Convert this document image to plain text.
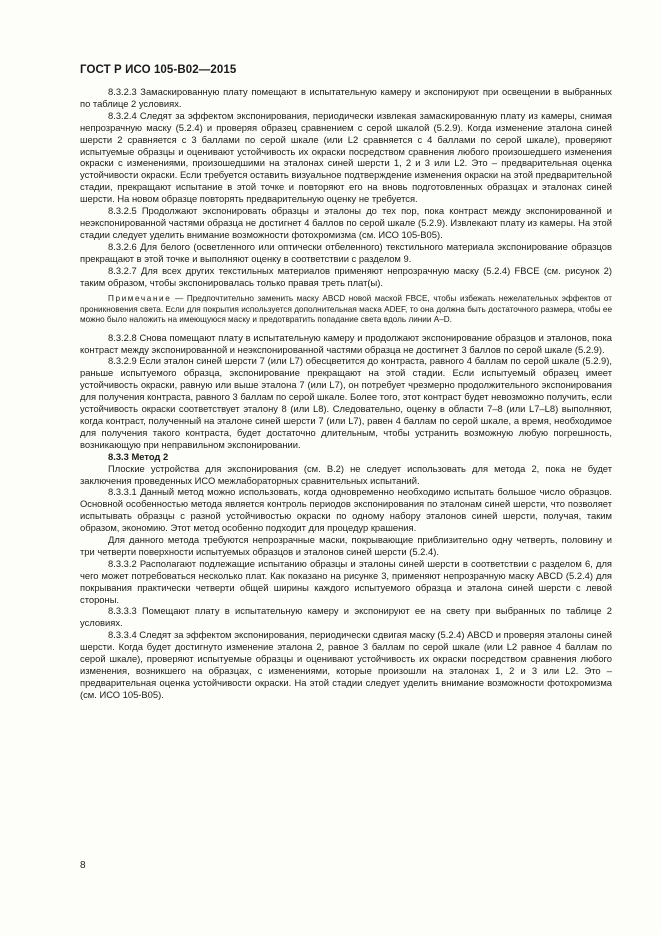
ГОСТ Р ИСО 105-В02—2015

8.3.2.3 Замаскированную плату помещают в испытательную камеру и экспонируют при освещении в выбранных по таблице 2 условиях.

8.3.2.4 Следят за эффектом экспонирования, периодически извлекая замаскированную плату из камеры, снимая непрозрачную маску (5.2.4) и проверяя образец сравнением с серой шкалой (5.2.9). Когда изменение эталона синей шерсти 2 сравняется с 3 баллами по серой шкале (или L2 сравняется с 4 баллами по серой шкале), проверяют испытуемые образцы и оценивают устойчивость их окраски посредством сравнения любого произошедшего изменения окраски с изменениями, произошедшими на эталонах синей шерсти 1, 2 и 3 или L2. Это – предварительная оценка устойчивости окраски. Если требуется оставить визуальное подтверждение изменения окраски на этой предварительной стадии, прекращают испытание в этой точке и повторяют его на вновь подготовленных образцах и эталонах синей шерсти. На новом образце повторять предварительную оценку не требуется.

8.3.2.5 Продолжают экспонировать образцы и эталоны до тех пор, пока контраст между экспонированной и неэкспонированной частями образца не достигнет 4 баллов по серой шкале (5.2.9). Извлекают плату из камеры. На этой стадии следует уделить внимание возможности фотохромизма (см. ИСО 105-В05).

8.3.2.6 Для белого (осветленного или оптически отбеленного) текстильного материала экспонирование образцов прекращают в этой точке и выполняют оценку в соответствии с разделом 9.

8.3.2.7 Для всех других текстильных материалов применяют непрозрачную маску (5.2.4) FBCE (см. рисунок 2) таким образом, чтобы экспонировалась только правая треть плат(ы).

Примечание — Предпочтительно заменить маску ABCD новой маской FBCE, чтобы избежать нежелательных эффектов от проникновения света. Если для покрытия используется дополнительная маска ADEF, то она должна быть достаточного размера, чтобы ее можно было наложить на имеющуюся маску и предотвратить попадание света вдоль линии A–D.

8.3.2.8 Снова помещают плату в испытательную камеру и продолжают экспонирование образцов и эталонов, пока контраст между экспонированной и неэкспонированной частями образца не достигнет 3 баллов по серой шкале (5.2.9).

8.3.2.9 Если эталон синей шерсти 7 (или L7) обесцветится до контраста, равного 4 баллам по серой шкале (5.2.9), раньше испытуемого образца, экспонирование прекращают на этой стадии. Если испытуемый образец имеет устойчивость окраски, равную или выше эталона 7 (или L7), он потребует чрезмерно продолжительного экспонирования для получения контраста, равного 3 баллам по серой шкале. Более того, этот контраст будет невозможно получить, если устойчивость окраски соответствует эталону 8 (или L8). Следовательно, оценку в области 7–8 (или L7–L8) выполняют, когда контраст, полученный на эталоне синей шерсти 7 (или L7), равен 4 баллам по серой шкале, а время, необходимое для получения такого контраста, будет достаточно длительным, чтобы устранить возможную любую погрешность, возникающую при неправильном экспонировании.

8.3.3 Метод 2

Плоские устройства для экспонирования (см. В.2) не следует использовать для метода 2, пока не будет заключения проведенных ИСО межлабораторных сравнительных испытаний.

8.3.3.1 Данный метод можно использовать, когда одновременно необходимо испытать большое число образцов. Основной особенностью метода является контроль периодов экспонирования по эталонам синей шерсти, что позволяет испытывать образцы с разной устойчивостью окраски по одному набору эталонов синей шерсти, получая, таким образом, экономию. Этот метод особенно подходит для процедур крашения.

Для данного метода требуются непрозрачные маски, покрывающие приблизительно одну четверть, половину и три четверти поверхности испытуемых образцов и эталонов синей шерсти (5.2.4).

8.3.3.2 Располагают подлежащие испытанию образцы и эталоны синей шерсти в соответствии с разделом 6, для чего может потребоваться несколько плат. Как показано на рисунке 3, применяют непрозрачную маску ABCD (5.2.4) для покрывания практически четверти общей ширины каждого испытуемого образца и эталона синей шерсти с левой стороны.

8.3.3.3 Помещают плату в испытательную камеру и экспонируют ее на свету при выбранных по таблице 2 условиях.

8.3.3.4 Следят за эффектом экспонирования, периодически сдвигая маску (5.2.4) ABCD и проверяя эталоны синей шерсти. Когда будет достигнуто изменение эталона 2, равное 3 баллам по серой шкале (или L2 равное 4 баллам по серой шкале), проверяют испытуемые образцы и оценивают устойчивость их окраски посредством сравнения любого изменения, возникшего на образцах, с изменениями, которые произошли на эталонах 1, 2 и 3 или L2. Это – предварительная оценка устойчивости окраски. На этой стадии следует уделить внимание возможности фотохромизма (см. ИСО 105-В05).

8
